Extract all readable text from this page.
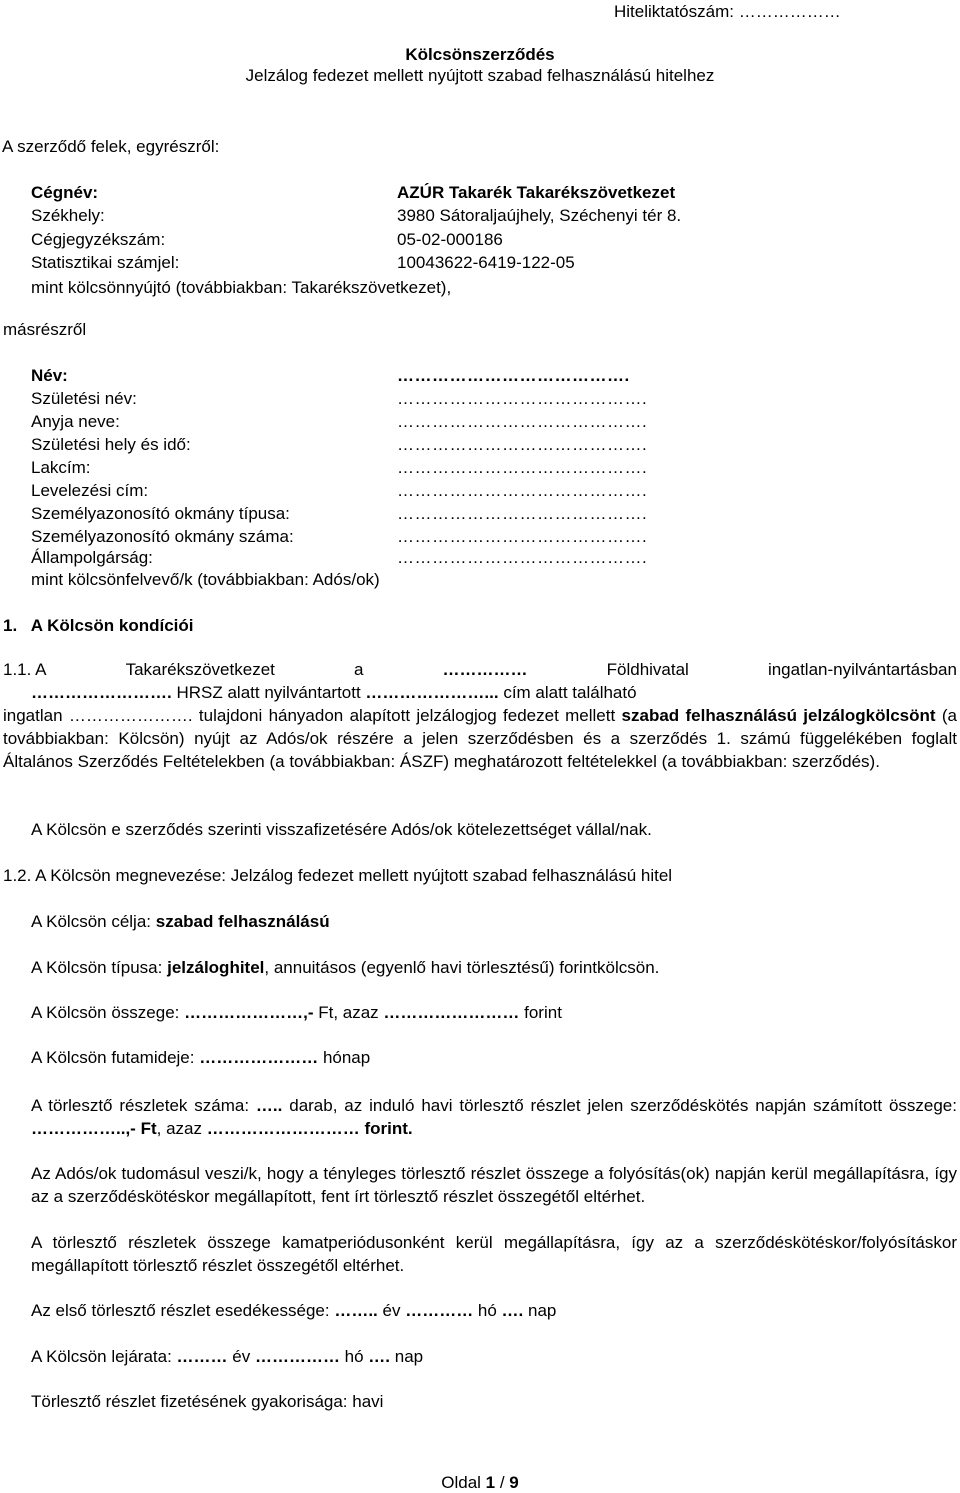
Hiteliktatószám: ………………
Kölcsönszerződés
Jelzálog fedezet mellett nyújtott szabad felhasználású hitelhez
A szerződő felek, egyrészről:
Cégnév:	AZÚR Takarék Takarékszövetkezet
Székhely:	3980 Sátoraljaújhely, Széchenyi tér 8.
Cégjegyzékszám:	05-02-000186
Statisztikai számjel:	10043622-6419-122-05
mint kölcsönnyújtó (továbbiakban: Takarékszövetkezet),
másrészről
Név:	………………………………….
Születési név:	…………………………………….
Anyja neve:	…………………………………….
Születési hely és idő:	…………………………………….
Lakcím:	…………………………………….
Levelezési cím:	…………………………………….
Személyazonosító okmány típusa:	…………………………………….
Személyazonosító okmány száma:	…………………………………….
Állampolgárság:	…………………………………….
mint kölcsönfelvevő/k (továbbiakban: Adós/ok)
1.   A Kölcsön kondíciói
1.1. A	Takarékszövetkezet	a	……………	Földhivatal	ingatlan-nyilvántartásban
……………………. HRSZ alatt nyilvántartott …………………... cím alatt található
ingatlan …………………. tulajdoni hányadon alapított jelzálogjog fedezet mellett szabad felhasználású jelzálogkölcsönt (a továbbiakban: Kölcsön) nyújt az Adós/ok részére a jelen szerződésben és a szerződés 1. számú függelékében foglalt Általános Szerződés Feltételekben (a továbbiakban: ÁSZF) meghatározott feltételekkel (a továbbiakban: szerződés).
A Kölcsön e szerződés szerinti visszafizetésére Adós/ok kötelezettséget vállal/nak.
1.2. A Kölcsön megnevezése: Jelzálog fedezet mellett nyújtott szabad felhasználású hitel
A Kölcsön célja: szabad felhasználású
A Kölcsön típusa: jelzáloghitel, annuitásos (egyenlő havi törlesztésű) forintkölcsön.
A Kölcsön összege: …………………,- Ft, azaz …………………… forint
A Kölcsön futamideje: ………………… hónap
A törlesztő részletek száma: ….. darab, az induló havi törlesztő részlet jelen szerződéskötés napján számított összege: ……………..,- Ft, azaz ……………………… forint.
Az Adós/ok tudomásul veszi/k, hogy a tényleges törlesztő részlet összege a folyósítás(ok) napján kerül megállapításra, így az a szerződéskötéskor megállapított, fent írt törlesztő részlet összegétől eltérhet.
A törlesztő részletek összege kamatperiódusonként kerül megállapításra, így az a szerződéskötéskor/folyósításkor megállapított törlesztő részlet összegétől eltérhet.
Az első törlesztő részlet esedékessége: …….. év ………… hó …. nap
A Kölcsön lejárata: ……… év …………… hó …. nap
Törlesztő részlet fizetésének gyakorisága: havi
Oldal 1 / 9
